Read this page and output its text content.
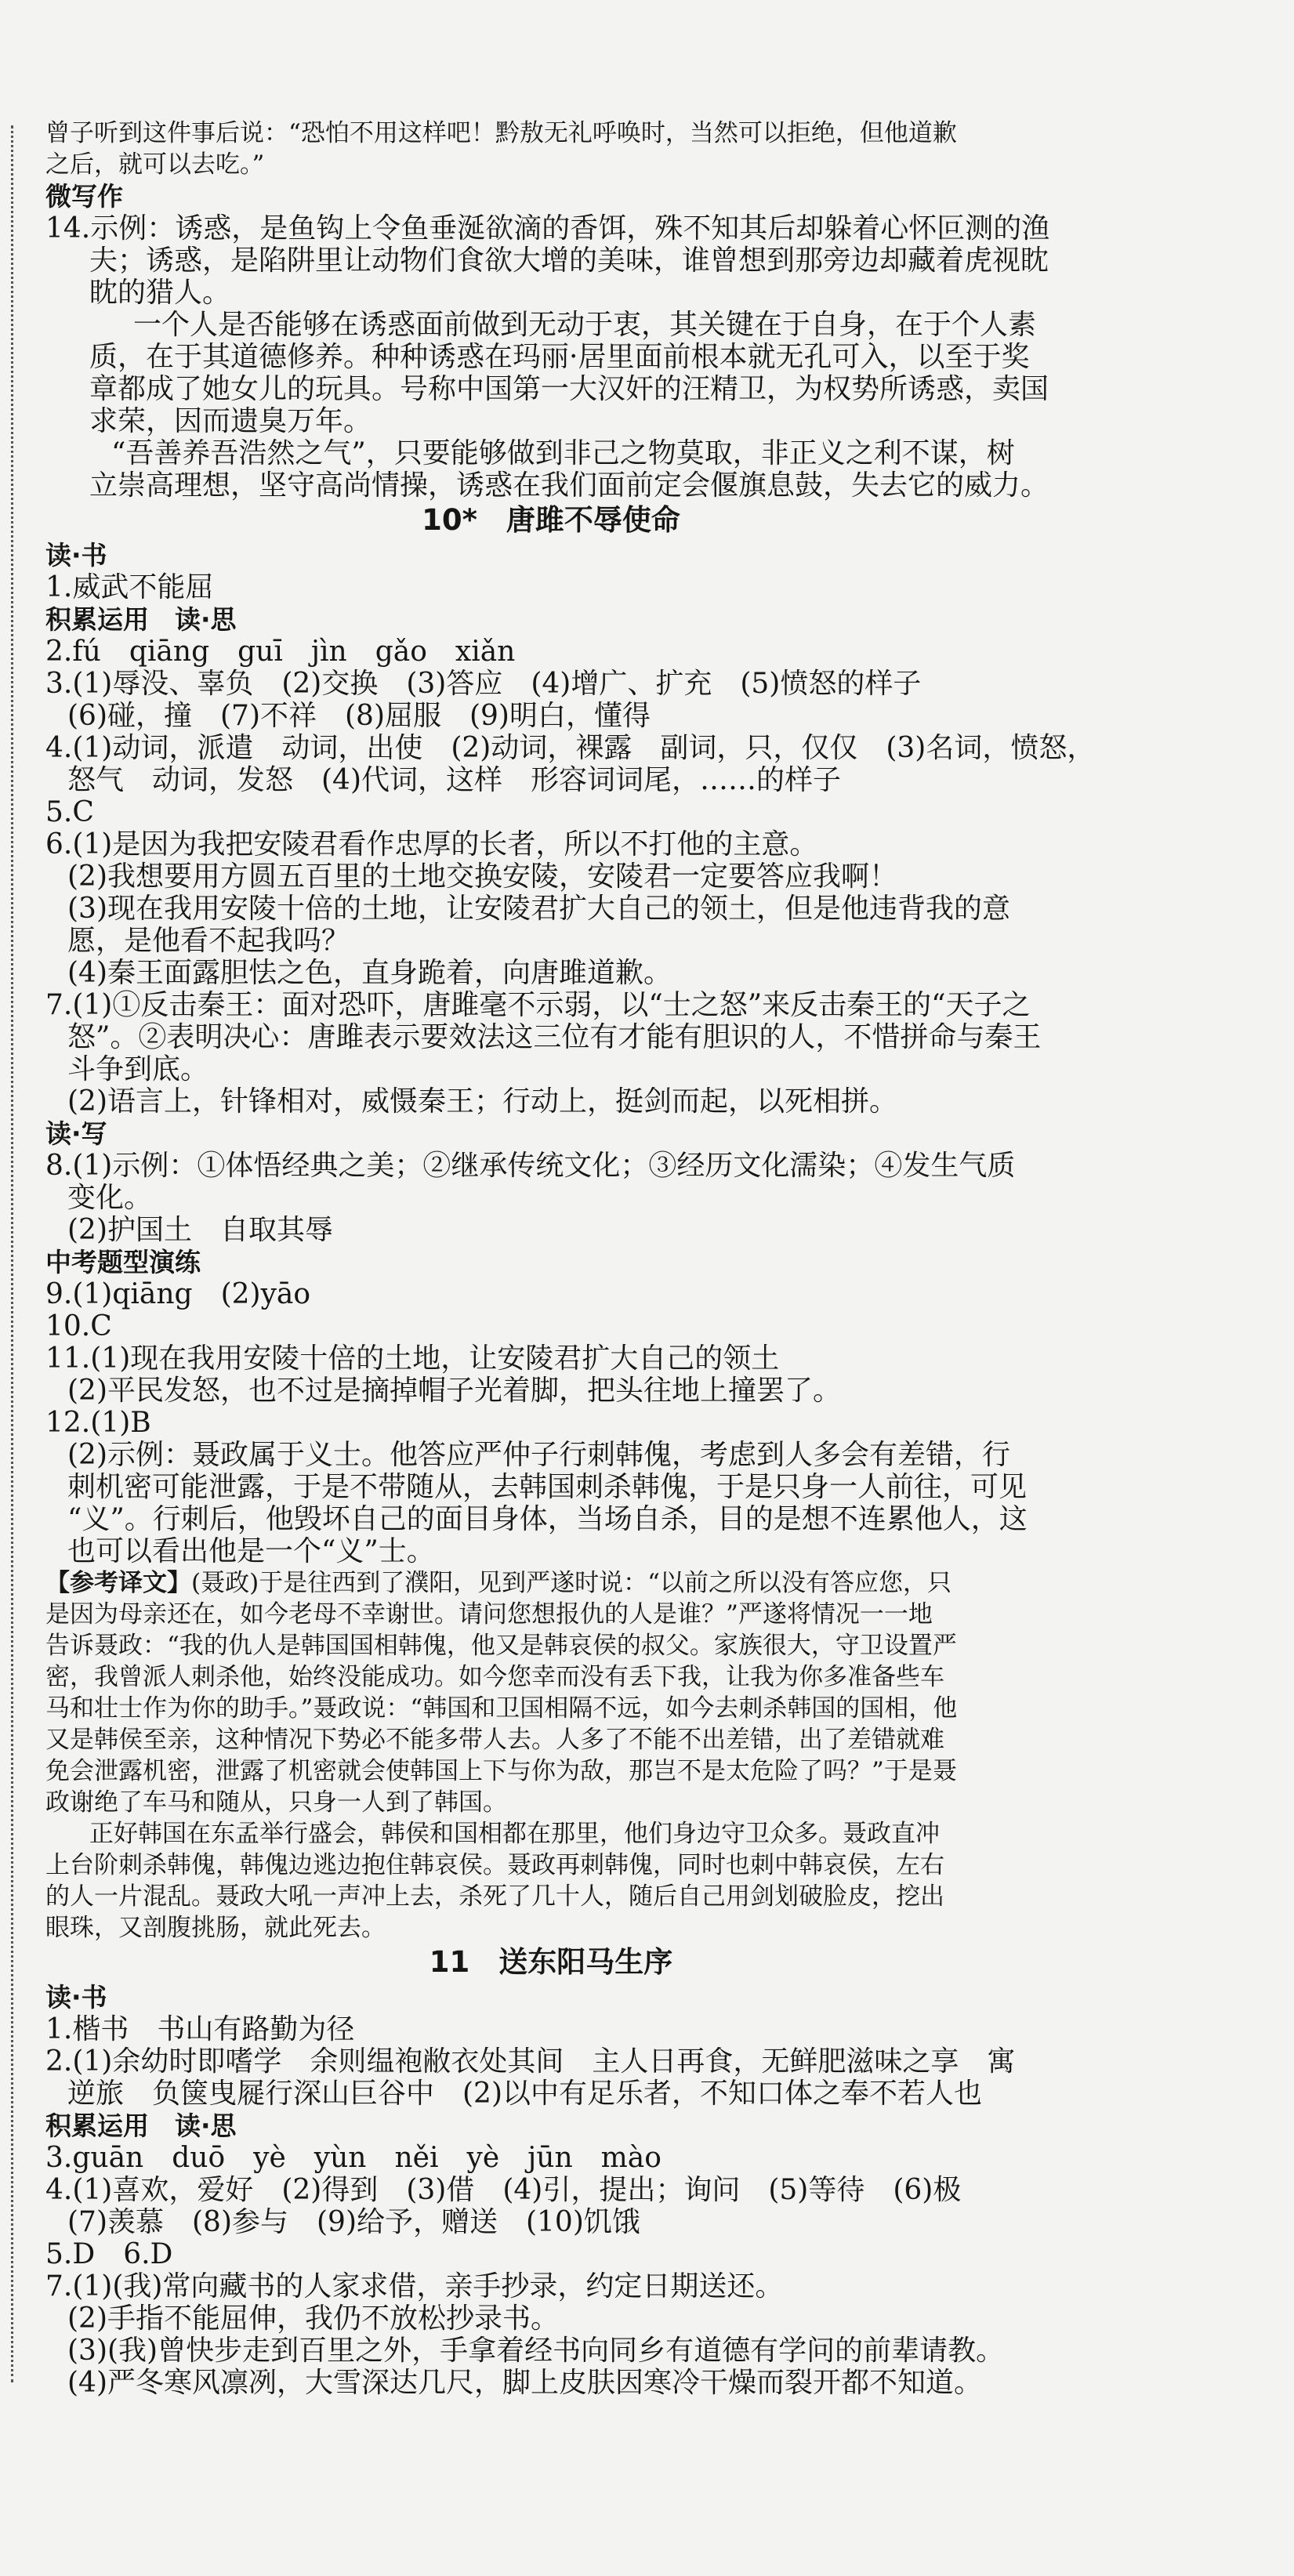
曾子听到这件事后说：“恐怕不用这样吧！黔敖无礼呼唤时，当然可以拒绝，但他道歉
之后，就可以去吃。”
微写作
14.示例：诱惑，是鱼钩上令鱼垂涎欲滴的香饵，殊不知其后却躲着心怀叵测的渔
夫；诱惑，是陷阱里让动物们食欲大增的美味，谁曾想到那旁边却藏着虎视眈
眈的猎人。
一个人是否能够在诱惑面前做到无动于衷，其关键在于自身，在于个人素
质，在于其道德修养。种种诱惑在玛丽·居里面前根本就无孔可入，以至于奖
章都成了她女儿的玩具。号称中国第一大汉奸的汪精卫，为权势所诱惑，卖国
求荣，因而遗臭万年。
“吾善养吾浩然之气”，只要能够做到非己之物莫取，非正义之利不谋，树
立崇高理想，坚守高尚情操，诱惑在我们面前定会偃旗息鼓，失去它的威力。
10*　唐雎不辱使命
读·书
1.威武不能屈
积累运用　读·思
2.fú　qiāng　guī　jìn　gǎo　xiǎn
3.(1)辱没、辜负　(2)交换　(3)答应　(4)增广、扩充　(5)愤怒的样子
(6)碰，撞　(7)不祥　(8)屈服　(9)明白，懂得
4.(1)动词，派遣　动词，出使　(2)动词，裸露　副词，只，仅仅　(3)名词，愤怒，
怒气　动词，发怒　(4)代词，这样　形容词词尾，……的样子
5.C
6.(1)是因为我把安陵君看作忠厚的长者，所以不打他的主意。
(2)我想要用方圆五百里的土地交换安陵，安陵君一定要答应我啊！
(3)现在我用安陵十倍的土地，让安陵君扩大自己的领土，但是他违背我的意
愿，是他看不起我吗？
(4)秦王面露胆怯之色，直身跪着，向唐雎道歉。
7.(1)①反击秦王：面对恐吓，唐雎毫不示弱，以“士之怒”来反击秦王的“天子之
怒”。②表明决心：唐雎表示要效法这三位有才能有胆识的人，不惜拼命与秦王
斗争到底。
(2)语言上，针锋相对，威慑秦王；行动上，挺剑而起，以死相拼。
读·写
8.(1)示例：①体悟经典之美；②继承传统文化；③经历文化濡染；④发生气质
变化。
(2)护国土　自取其辱
中考题型演练
9.(1)qiāng　(2)yāo
10.C
11.(1)现在我用安陵十倍的土地，让安陵君扩大自己的领土
(2)平民发怒，也不过是摘掉帽子光着脚，把头往地上撞罢了。
12.(1)B
(2)示例：聂政属于义士。他答应严仲子行刺韩傀，考虑到人多会有差错，行
刺机密可能泄露，于是不带随从，去韩国刺杀韩傀，于是只身一人前往，可见
“义”。行刺后，他毁坏自己的面目身体，当场自杀，目的是想不连累他人，这
也可以看出他是一个“义”士。
【参考译文】(聂政)于是往西到了濮阳，见到严遂时说：“以前之所以没有答应您，只
是因为母亲还在，如今老母不幸谢世。请问您想报仇的人是谁？”严遂将情况一一地
告诉聂政：“我的仇人是韩国国相韩傀，他又是韩哀侯的叔父。家族很大，守卫设置严
密，我曾派人刺杀他，始终没能成功。如今您幸而没有丢下我，让我为你多准备些车
马和壮士作为你的助手。”聂政说：“韩国和卫国相隔不远，如今去刺杀韩国的国相，他
又是韩侯至亲，这种情况下势必不能多带人去。人多了不能不出差错，出了差错就难
免会泄露机密，泄露了机密就会使韩国上下与你为敌，那岂不是太危险了吗？”于是聂
政谢绝了车马和随从，只身一人到了韩国。
正好韩国在东孟举行盛会，韩侯和国相都在那里，他们身边守卫众多。聂政直冲
上台阶刺杀韩傀，韩傀边逃边抱住韩哀侯。聂政再刺韩傀，同时也刺中韩哀侯，左右
的人一片混乱。聂政大吼一声冲上去，杀死了几十人，随后自己用剑划破脸皮，挖出
眼珠，又剖腹挑肠，就此死去。
11　送东阳马生序
读·书
1.楷书　书山有路勤为径
2.(1)余幼时即嗜学　余则缊袍敝衣处其间　主人日再食，无鲜肥滋味之享　寓
逆旅　负箧曳屣行深山巨谷中　(2)以中有足乐者，不知口体之奉不若人也
积累运用　读·思
3.guān　duō　yè　yùn　něi　yè　jūn　mào
4.(1)喜欢，爱好　(2)得到　(3)借　(4)引，提出；询问　(5)等待　(6)极
(7)羡慕　(8)参与　(9)给予，赠送　(10)饥饿
5.D　6.D
7.(1)(我)常向藏书的人家求借，亲手抄录，约定日期送还。
(2)手指不能屈伸，我仍不放松抄录书。
(3)(我)曾快步走到百里之外，手拿着经书向同乡有道德有学问的前辈请教。
(4)严冬寒风凛冽，大雪深达几尺，脚上皮肤因寒冷干燥而裂开都不知道。
